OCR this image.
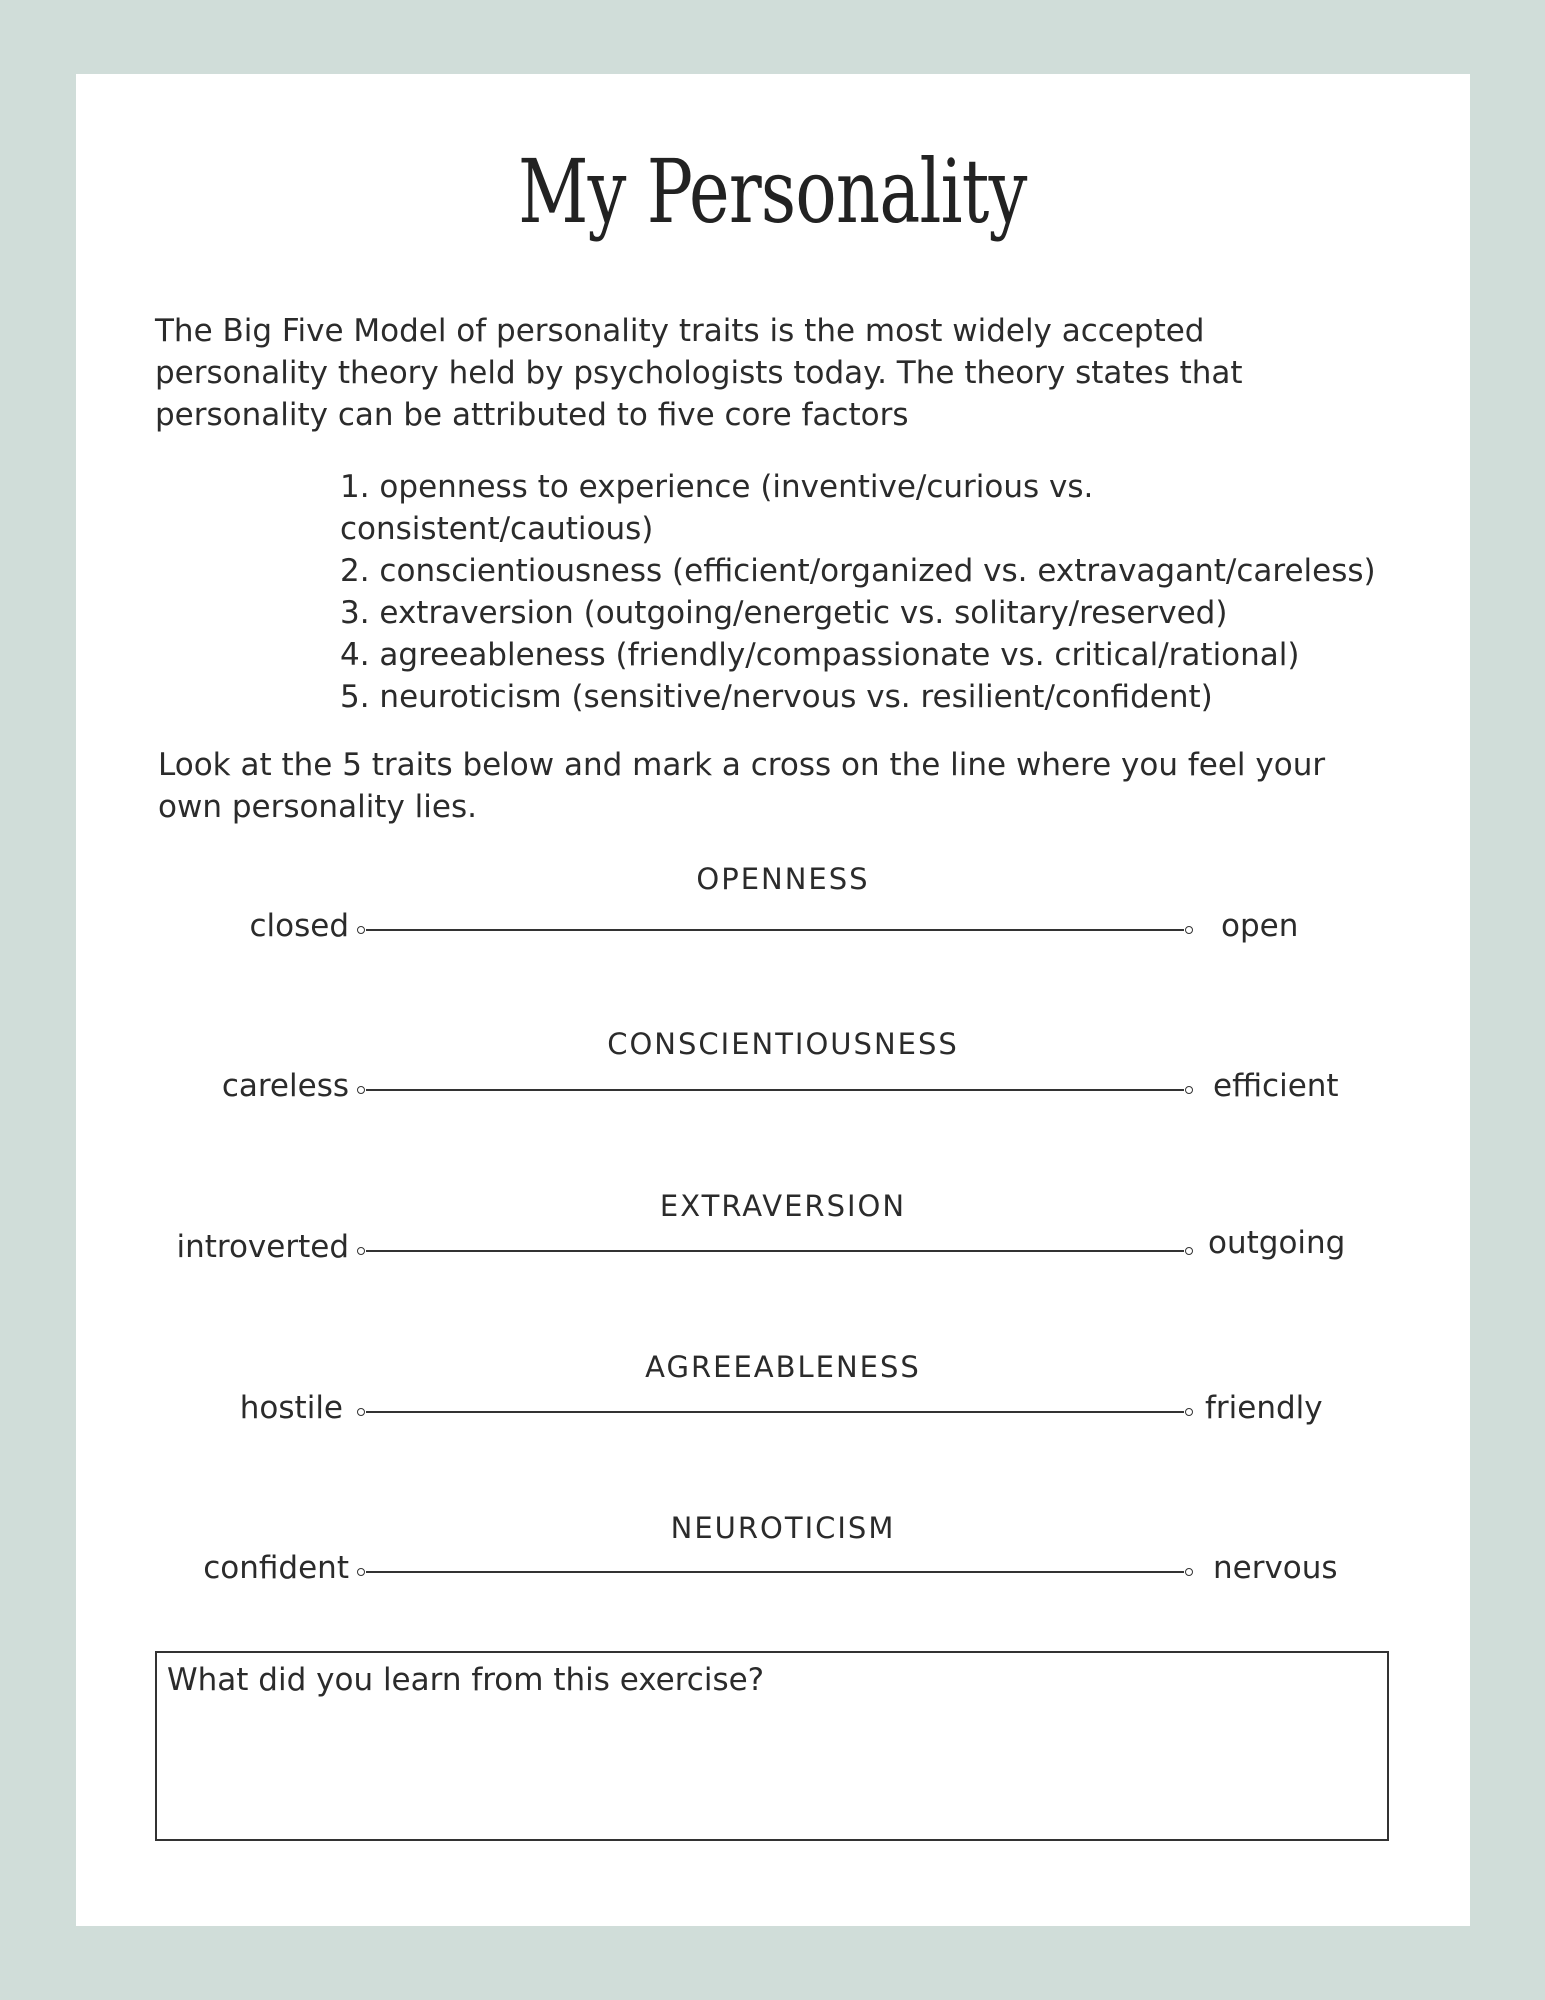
My Personality
The Big Five Model of personality traits is the most widely accepted personality theory held by psychologists today. The theory states that personality can be attributed to five core factors
1. openness to experience (inventive/curious vs. consistent/cautious)
2. conscientiousness (efficient/organized vs. extravagant/careless)
3. extraversion (outgoing/energetic vs. solitary/reserved)
4. agreeableness (friendly/compassionate vs. critical/rational)
5. neuroticism (sensitive/nervous vs. resilient/confident)
Look at the 5 traits below and mark a cross on the line where you feel your own personality lies.
OPENNESS
closed	open
CONSCIENTIOUSNESS
careless	efficient
EXTRAVERSION
introverted	outgoing
AGREEABLENESS
hostile	friendly
NEUROTICISM
confident	nervous
What did you learn from this exercise?
